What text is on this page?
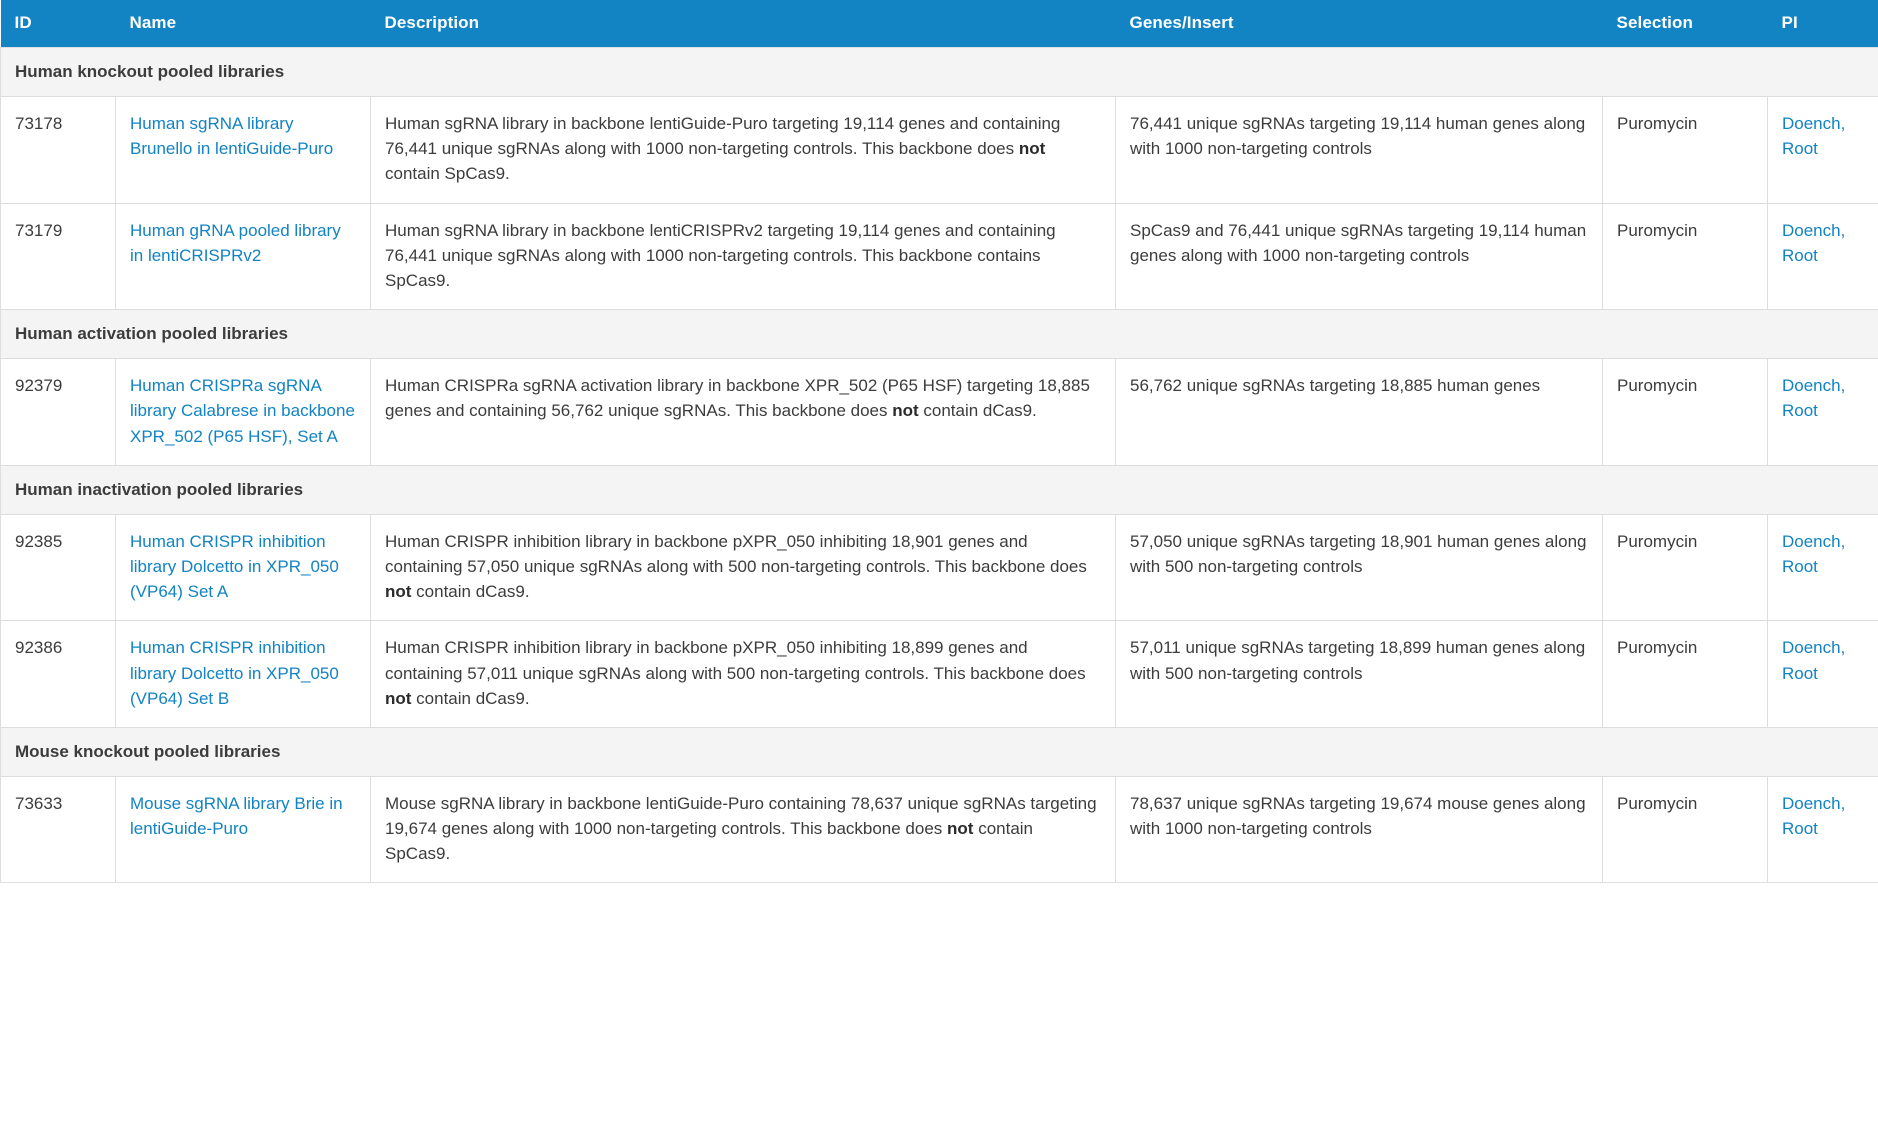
ID	Name	Description	Genes/Insert	Selection	PI
Human knockout pooled libraries					
73178	Human sgRNA library Brunello in lentiGuide-Puro	Human sgRNA library in backbone lentiGuide-Puro targeting 19,114 genes and containing 76,441 unique sgRNAs along with 1000 non-targeting controls. This backbone does not contain SpCas9.	76,441 unique sgRNAs targeting 19,114 human genes along with 1000 non-targeting controls	Puromycin	Doench, Root
73179	Human gRNA pooled library in lentiCRISPRv2	Human sgRNA library in backbone lentiCRISPRv2 targeting 19,114 genes and containing 76,441 unique sgRNAs along with 1000 non-targeting controls. This backbone contains SpCas9.	SpCas9 and 76,441 unique sgRNAs targeting 19,114 human genes along with 1000 non-targeting controls	Puromycin	Doench, Root
Human activation pooled libraries					
92379	Human CRISPRa sgRNA library Calabrese in backbone XPR_502 (P65 HSF), Set A	Human CRISPRa sgRNA activation library in backbone XPR_502 (P65 HSF) targeting 18,885 genes and containing 56,762 unique sgRNAs. This backbone does not contain dCas9.	56,762 unique sgRNAs targeting 18,885 human genes	Puromycin	Doench, Root
Human inactivation pooled libraries					
92385	Human CRISPR inhibition library Dolcetto in XPR_050 (VP64) Set A	Human CRISPR inhibition library in backbone pXPR_050 inhibiting 18,901 genes and containing 57,050 unique sgRNAs along with 500 non-targeting controls. This backbone does not contain dCas9.	57,050 unique sgRNAs targeting 18,901 human genes along with 500 non-targeting controls	Puromycin	Doench, Root
92386	Human CRISPR inhibition library Dolcetto in XPR_050 (VP64) Set B	Human CRISPR inhibition library in backbone pXPR_050 inhibiting 18,899 genes and containing 57,011 unique sgRNAs along with 500 non-targeting controls. This backbone does not contain dCas9.	57,011 unique sgRNAs targeting 18,899 human genes along with 500 non-targeting controls	Puromycin	Doench, Root
Mouse knockout pooled libraries					
73633	Mouse sgRNA library Brie in lentiGuide-Puro	Mouse sgRNA library in backbone lentiGuide-Puro containing 78,637 unique sgRNAs targeting 19,674 genes along with 1000 non-targeting controls. This backbone does not contain SpCas9.	78,637 unique sgRNAs targeting 19,674 mouse genes along with 1000 non-targeting controls	Puromycin	Doench, Root
